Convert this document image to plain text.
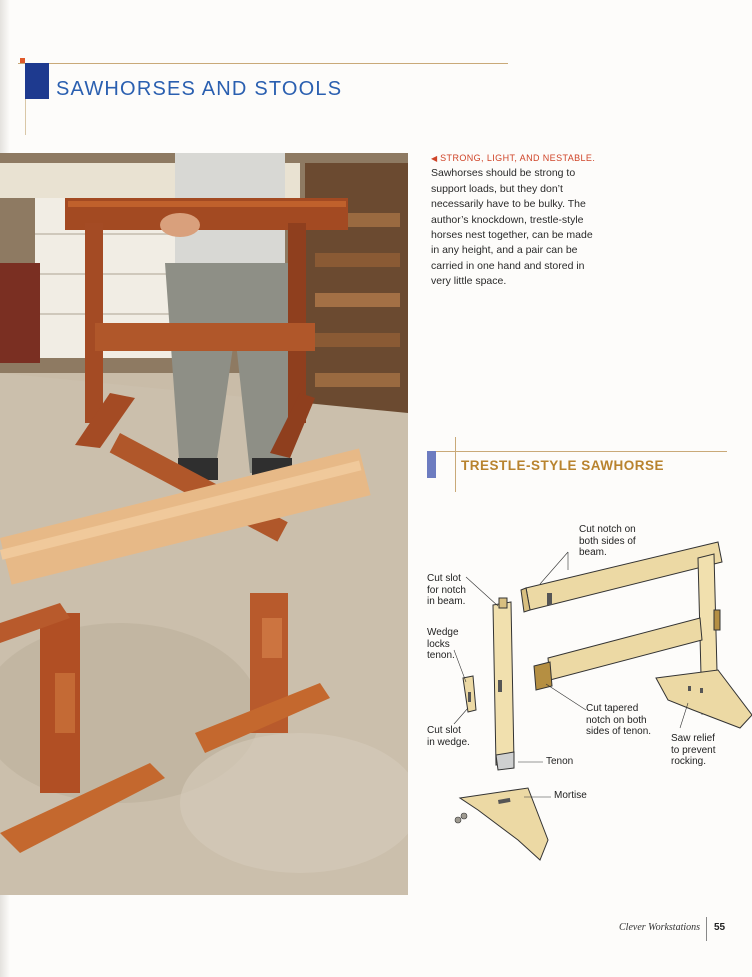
SAWHORSES AND STOOLS
◀ STRONG, LIGHT, AND NESTABLE.
Sawhorses should be strong to support loads, but they don’t necessarily have to be bulky. The author’s knockdown, trestle-style horses nest together, can be made in any height, and a pair can be carried in one hand and stored in very little space.
TRESTLE-STYLE SAWHORSE
Cut notch on
both sides of
beam.
Cut slot
for notch
in beam.
Wedge
locks
tenon.
Cut slot
in wedge.
Cut tapered
notch on both
sides of tenon.
Saw relief
to prevent
rocking.
Tenon
Mortise
Clever Workstations 55
